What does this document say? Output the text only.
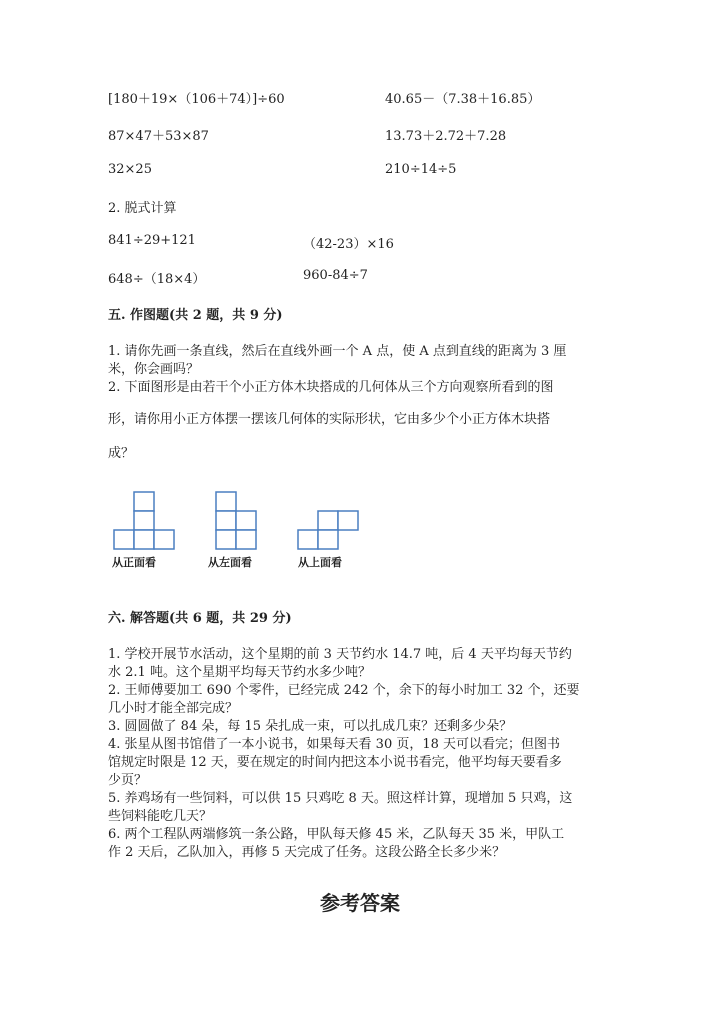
[180＋19×（106＋74）]÷60	40.65－（7.38＋16.85）
87×47＋53×87	13.73＋2.72＋7.28
32×25	210÷14÷5
2. 脱式计算
841÷29+121	（42-23）×16
648÷（18×4）	960-84÷7
五. 作图题(共 2 题，共 9 分)
1. 请你先画一条直线，然后在直线外画一个 A 点，使 A 点到直线的距离为 3 厘
米，你会画吗？
2. 下面图形是由若干个小正方体木块搭成的几何体从三个方向观察所看到的图
形，请你用小正方体摆一摆该几何体的实际形状，它由多少个小正方体木块搭
成？
从正面看	从左面看	从上面看
六. 解答题(共 6 题，共 29 分)
1. 学校开展节水活动，这个星期的前 3 天节约水 14.7 吨，后 4 天平均每天节约
水 2.1 吨。这个星期平均每天节约水多少吨？
2. 王师傅要加工 690 个零件，已经完成 242 个，余下的每小时加工 32 个，还要
几小时才能全部完成？
3. 圆圆做了 84 朵，每 15 朵扎成一束，可以扎成几束？还剩多少朵？
4. 张星从图书馆借了一本小说书，如果每天看 30 页，18 天可以看完；但图书
馆规定时限是 12 天，要在规定的时间内把这本小说书看完，他平均每天要看多
少页？
5. 养鸡场有一些饲料，可以供 15 只鸡吃 8 天。照这样计算，现增加 5 只鸡，这
些饲料能吃几天？
6. 两个工程队两端修筑一条公路，甲队每天修 45 米，乙队每天 35 米，甲队工
作 2 天后，乙队加入，再修 5 天完成了任务。这段公路全长多少米？
参考答案
